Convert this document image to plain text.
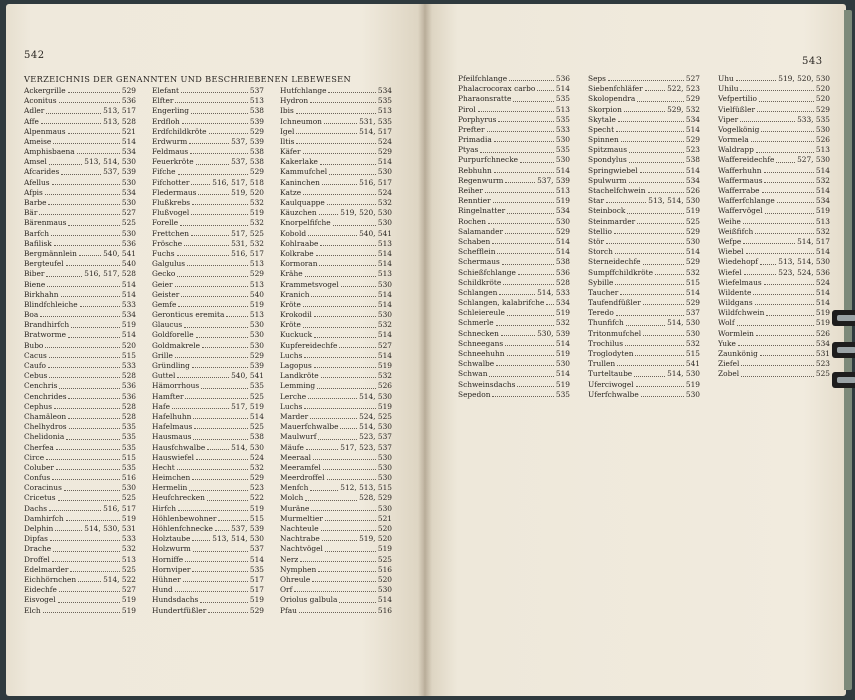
542
VERZEICHNIS DER GENANNTEN UND BESCHRIEBENEN LEBEWESEN
Ackergrille	529
Aconitus	536
Adler	513, 517
Affe	513, 528
Alpenmaus	521
Ameise	514
Amphisbaena	534
Amsel	513, 514, 530
Afcarides	537, 539
Afellus	530
Afpis	534
Barbe	530
Bär	527
Bärenmaus	525
Barfch	530
Bafilisk	536
Bergmännlein	540, 541
Bergteufel	540
Biber	516, 517, 528
Biene	514
Birkhahn	514
Blindfchleiche	533
Boa	534
Brandhirfch	519
Bratworme	514
Bubo	520
Cacus	515
Caufo	533
Cebus	528
Cenchris	536
Cenchrides	536
Cephus	528
Chamäleon	528
Chelhydros	535
Chelidonia	535
Cherfea	535
Circe	515
Coluber	535
Confus	516
Coracinus	530
Cricetus	525
Dachs	516, 517
Damhirfch	519
Delphin	514, 530, 531
Dipfas	533
Drache	532
Droffel	513
Edelmarder	525
Eichhörnchen	514, 522
Eidechfe	527
Eisvogel	519
Elch	519
Elefant	537
Elfter	513
Engerling	538
Erdfloh	539
Erdfchildkröte	529
Erdwurm	537, 539
Feldmaus	538
Feuerkröte	537, 538
Fifche	529
Fifchotter	516, 517, 518
Fledermaus	519, 520
Flußkrebs	532
Flußvogel	519
Forelle	532
Frettchen	517, 525
Frösche	531, 532
Fuchs	516, 517
Galgulus	513
Gecko	529
Geier	513
Geister	540
Gemfe	519
Geronticus eremita	513
Glaucus	530
Goldforelle	530
Goldmakrele	530
Grille	529
Gründling	539
Guttel	540, 541
Hämorrhous	535
Hamfter	525
Hafe	517, 519
Hafelhuhn	514
Hafelmaus	525
Hausmaus	538
Hausfchwalbe	514, 530
Hauswiefel	524
Hecht	532
Heimchen	529
Hermelin	523
Heufchrecken	522
Hirfch	519
Höhlenbewohner	515
Höhlenfchnecke 537, 539
Holztaube	513, 514, 530
Holzwurm	537
Horniffe	514
Hornviper	535
Hühner	517
Hund	517
Hundsdachs	519
Hundertfüßler	529
Hutfchlange	534
Hydron	535
Ibis	513
Ichneumon	531, 535
Igel	514, 517
Iltis	524
Käfer	529
Kakerlake	514
Kammufchel	530
Kaninchen	516, 517
Katze	524
Kaulquappe	532
Käuzchen	519, 520, 530
Knorpelfifche	530
Kobold	540, 541
Kohlraabe	513
Kolkrabe	514
Kormoran	514
Krähe	513
Krammetsvogel	530
Kranich	514
Kröte	514
Krokodil	530
Kröte	532
Kuckuck	514
Kupfereidechfe	527
Luchs	514
Lagopus	519
Landkröte	532
Lemming	526
Lerche	514, 530
Luchs	519
Marder	524, 525
Mauerfchwalbe	514, 530
Maulwurf	523, 537
Mäufe	517, 523, 537
Meeraal	530
Meeramfel	530
Meerdroffel	530
Menfch	512, 513, 515
Molch	528, 529
Muräne	530
Murmeltier	521
Nachteule	520
Nachtrabe	519, 520
Nachtvögel	519
Nerz	525
Nymphen	516
Ohreule	520
Orf	530
Oriolus galbula	514
Pfau	516
543
Pfeilfchlange	536
Phalacrocorax carbo	514
Pharaonsratte	535
Pirol	513
Porphyrus	535
Prefter	533
Primadia	530
Ptyas	535
Purpurfchnecke	530
Rebhuhn	514
Regenwurm	537, 539
Reiher	513
Renntier	519
Ringelnatter	534
Rochen	530
Salamander	529
Schaben	514
Schefflein	514
Schermaus	538
Schießfchlange	536
Schildkröte	528
Schlangen	514, 533
Schlangen, kalabrifche 534
Schleiereule	519
Schmerle	532
Schnecken	530, 539
Schneegans	514
Schneehuhn	519
Schwalbe	530
Schwan	514
Schweinsdachs	519
Sepedon	535
Seps	527
Siebenfchläfer	522, 523
Skolopendra	529
Skorpion	529, 532
Skytale	534
Specht	514
Spinnen	529
Spitzmaus	523
Spondylus	538
Springwiebel	514
Spulwurm	534
Stachelfchwein	526
Star	513, 514, 530
Steinbock	519
Steinmarder	525
Stellio	529
Stör	530
Storch	514
Sterneidechfe	529
Sumpffchildkröte	532
Sybille	515
Taucher	514
Taufendfüßler	529
Teredo	537
Thunfifch	514, 530
Tritonmufchel	530
Trochilus	532
Troglodyten	515
Trullen	541
Turteltaube	514, 530
Uferciwogel	519
Uferfchwalbe	530
Uhu	519, 520, 530
Uhilu	520
Vefpertilio	520
Vielfüßler	529
Viper	533, 535
Vogelkönig	530
Vormela	526
Waldrapp	513
Waffereidechfe	527, 530
Wafferhuhn	514
Waffermaus	532
Wafferrabe	514
Wafferfchlange	534
Waffervögel	519
Weihe	513
Weißfifch	532
Wefpe	514, 517
Wiebel	514
Wiedehopf	513, 514, 530
Wiefel	523, 524, 536
Wiefelmaus	524
Wildente	514
Wildgans	514
Wildfchwein	519
Wolf	519
Wormlein	526
Yuke	534
Zaunkönig	531
Ziefel	523
Zobel	525
